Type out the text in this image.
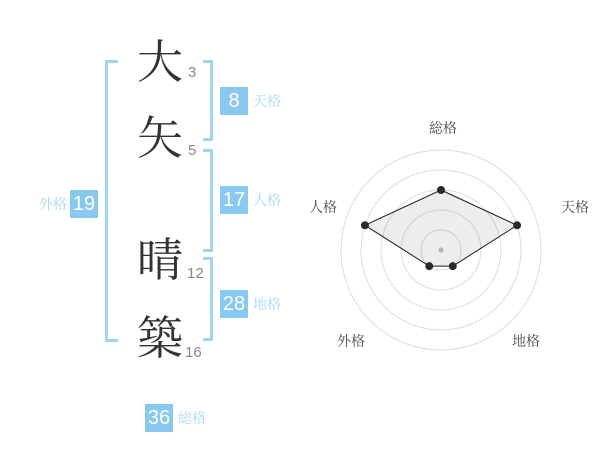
大
矢
晴
築
3
5
12
16
外格 19
8 天格
17 人格
28 地格
36 総格
総格
天格
地格
外格
人格
